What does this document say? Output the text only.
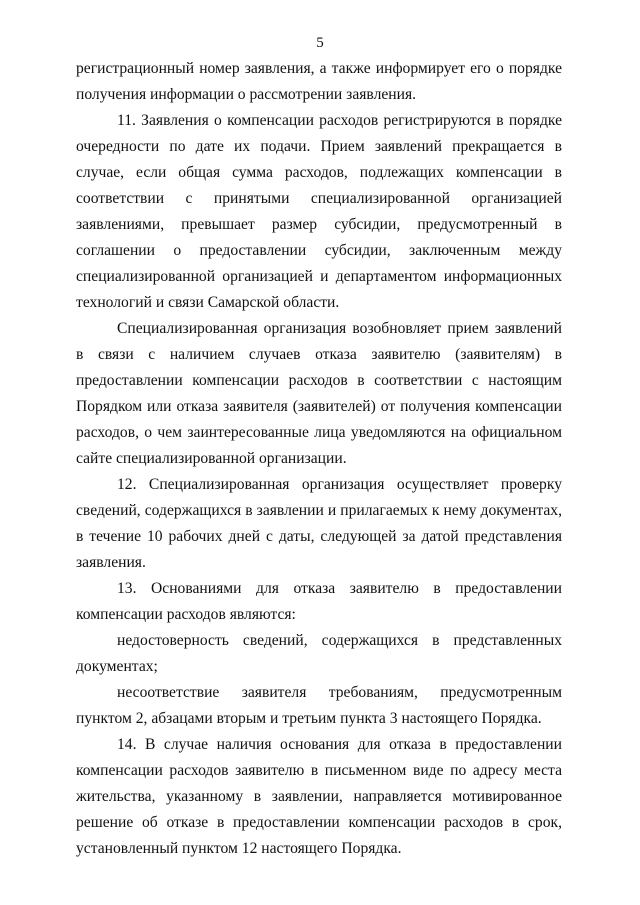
5

регистрационный номер заявления, а также информирует его о порядке получения информации о рассмотрении заявления.

11. Заявления о компенсации расходов регистрируются в порядке очередности по дате их подачи. Прием заявлений прекращается в случае, если общая сумма расходов, подлежащих компенсации в соответствии с принятыми специализированной организацией заявлениями, превышает размер субсидии, предусмотренный в соглашении о предоставлении субсидии, заключенным между специализированной организацией и департаментом информационных технологий и связи Самарской области.

Специализированная организация возобновляет прием заявлений в связи с наличием случаев отказа заявителю (заявителям) в предоставлении компенсации расходов в соответствии с настоящим Порядком или отказа заявителя (заявителей) от получения компенсации расходов, о чем заинтересованные лица уведомляются на официальном сайте специализированной организации.

12. Специализированная организация осуществляет проверку сведений, содержащихся в заявлении и прилагаемых к нему документах, в течение 10 рабочих дней с даты, следующей за датой представления заявления.

13. Основаниями для отказа заявителю в предоставлении компенсации расходов являются:

недостоверность сведений, содержащихся в представленных документах;

несоответствие заявителя требованиям, предусмотренным пунктом 2, абзацами вторым и третьим пункта 3 настоящего Порядка.

14. В случае наличия основания для отказа в предоставлении компенсации расходов заявителю в письменном виде по адресу места жительства, указанному в заявлении, направляется мотивированное решение об отказе в предоставлении компенсации расходов в срок, установленный пунктом 12 настоящего Порядка.
